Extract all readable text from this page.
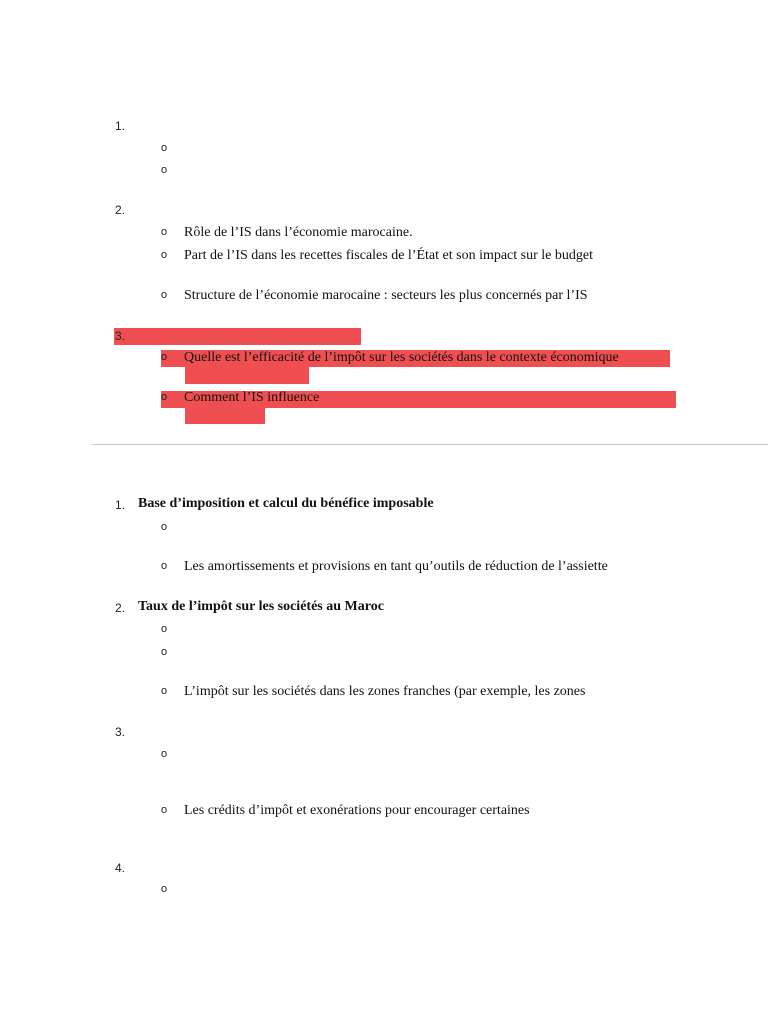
1.
o
o
2.
o Rôle de l’IS dans l’économie marocaine.
o Part de l’IS dans les recettes fiscales de l’État et son impact sur le budget
o Structure de l’économie marocaine : secteurs les plus concernés par l’IS
3.
o Quelle est l’efficacité de l’impôt sur les sociétés dans le contexte économique
o Comment l’IS influence
1. Base d’imposition et calcul du bénéfice imposable
o
o Les amortissements et provisions en tant qu’outils de réduction de l’assiette
2. Taux de l’impôt sur les sociétés au Maroc
o
o
o L’impôt sur les sociétés dans les zones franches (par exemple, les zones
3.
o
o Les crédits d’impôt et exonérations pour encourager certaines
4.
o
